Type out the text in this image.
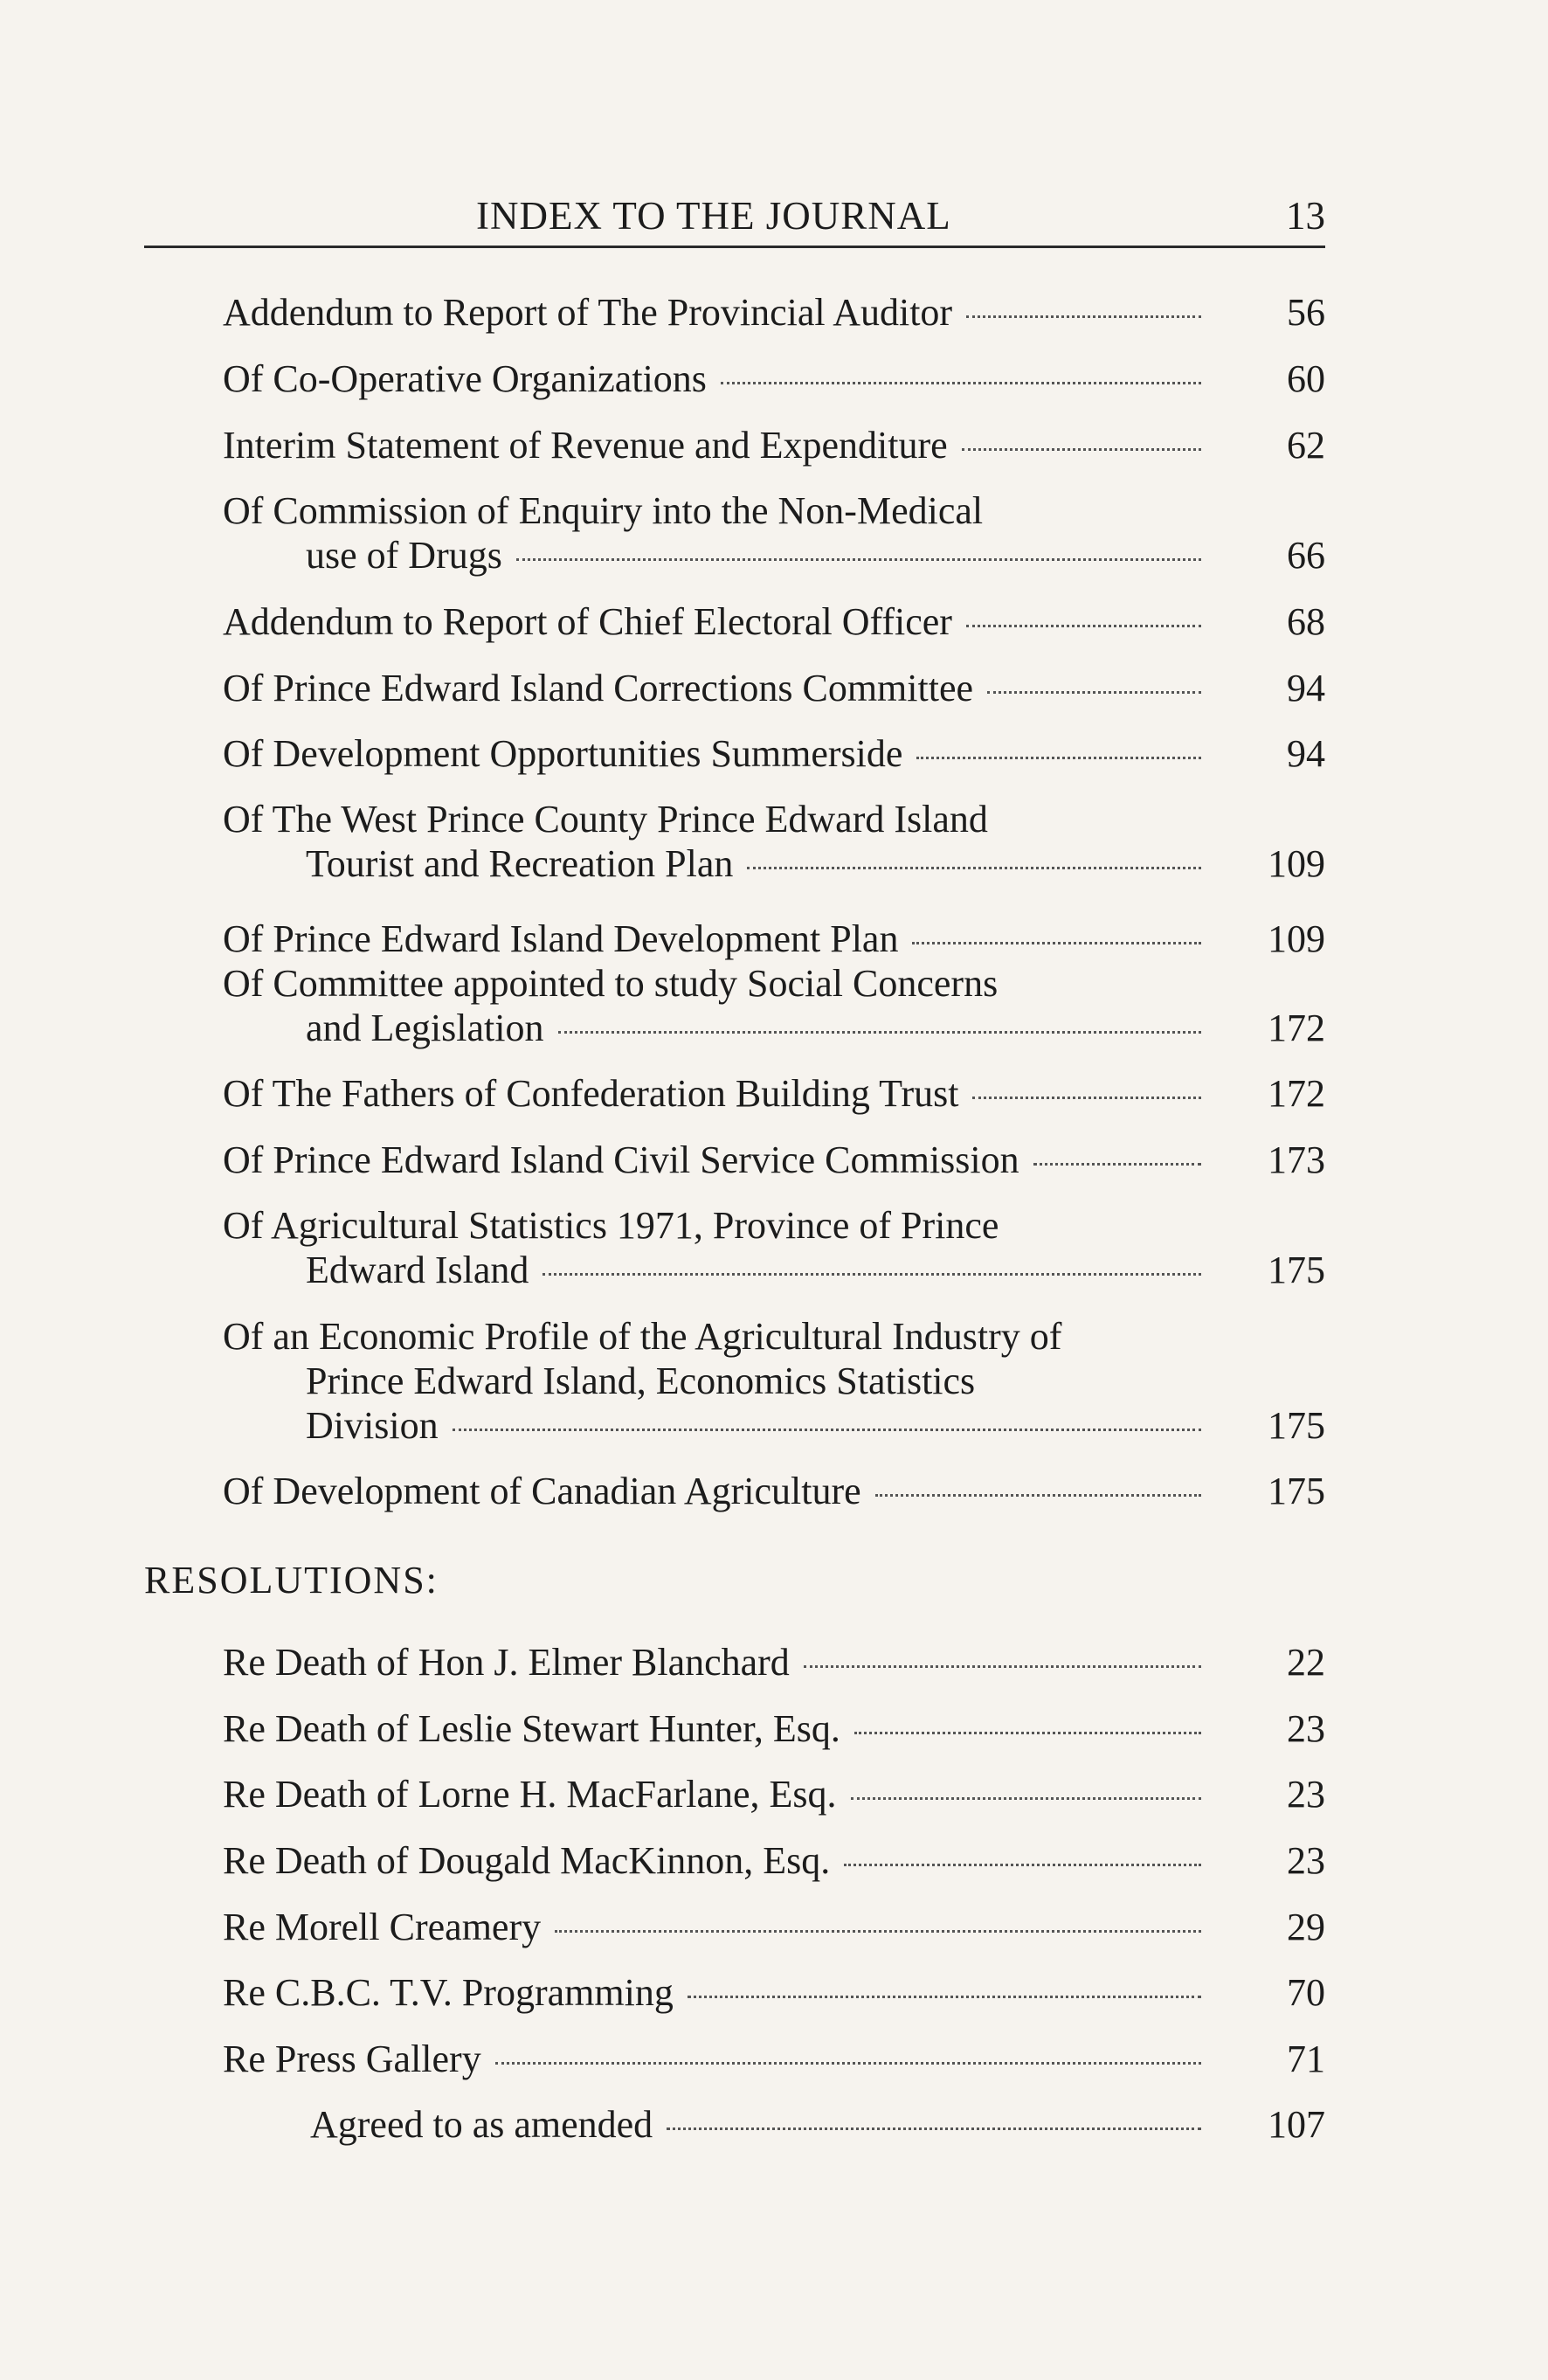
INDEX TO THE JOURNAL	13
Addendum to Report of The Provincial Auditor	56
Of Co-Operative Organizations	60
Interim Statement of Revenue and Expenditure	62
Of Commission of Enquiry into the Non-Medical
use of Drugs	66
Addendum to Report of Chief Electoral Officer	68
Of Prince Edward Island Corrections Committee	94
Of Development Opportunities Summerside	94
Of The West Prince County Prince Edward Island
Tourist and Recreation Plan	109
Of Prince Edward Island Development Plan	109
Of Committee appointed to study Social Concerns
and Legislation	172
Of The Fathers of Confederation Building Trust	172
Of Prince Edward Island Civil Service Commission	173
Of Agricultural Statistics 1971, Province of Prince
Edward Island	175
Of an Economic Profile of the Agricultural Industry of
Prince Edward Island, Economics Statistics
Division	175
Of Development of Canadian Agriculture	175
RESOLUTIONS:
Re Death of Hon J. Elmer Blanchard	22
Re Death of Leslie Stewart Hunter, Esq.	23
Re Death of Lorne H. MacFarlane, Esq.	23
Re Death of Dougald MacKinnon, Esq.	23
Re Morell Creamery	29
Re C.B.C. T.V. Programming	70
Re Press Gallery	71
Agreed to as amended	107
